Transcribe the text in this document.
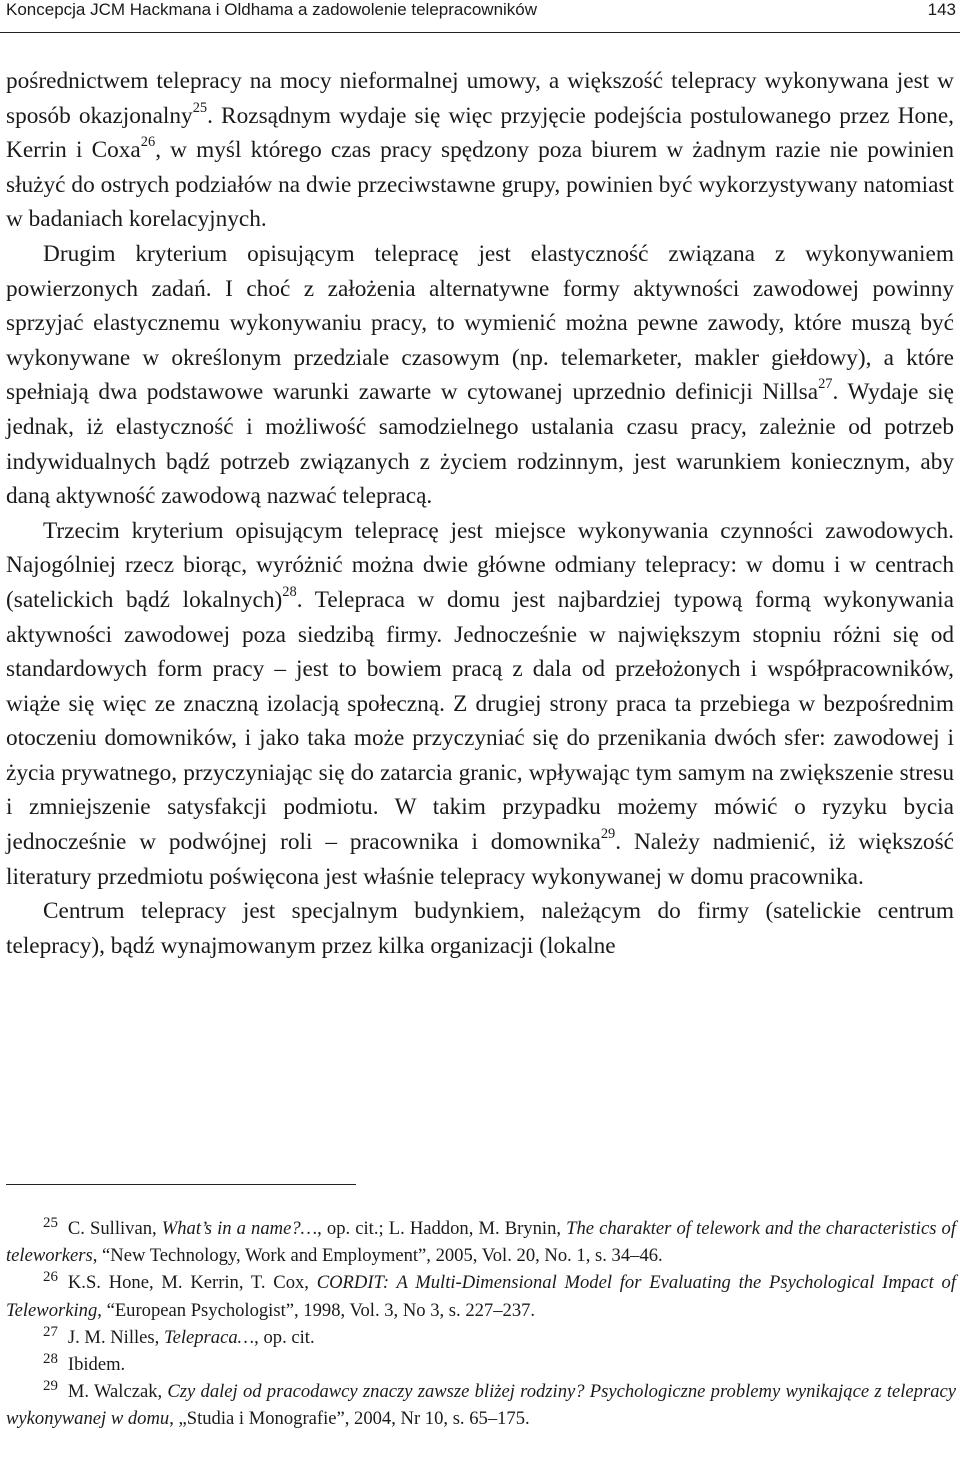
Koncepcja JCM Hackmana i Oldhama a zadowolenie telepracowników	143

pośrednictwem telepracy na mocy nieformalnej umowy, a większość telepracy wykonywana jest w sposób okazjonalny$^{25}$. Rozsądnym wydaje się więc przyjęcie podejścia postulowanego przez Hone, Kerrin i Coxa$^{26}$, w myśl którego czas pracy spędzony poza biurem w żadnym razie nie powinien służyć do ostrych podziałów na dwie przeciwstawne grupy, powinien być wykorzystywany natomiast w badaniach korelacyjnych.

Drugim kryterium opisującym telepracę jest elastyczność związana z wykonywaniem powierzonych zadań. I choć z założenia alternatywne formy aktywności zawodowej powinny sprzyjać elastycznemu wykonywaniu pracy, to wymienić można pewne zawody, które muszą być wykonywane w określonym przedziale czasowym (np. telemarketer, makler giełdowy), a które spełniają dwa podstawowe warunki zawarte w cytowanej uprzednio definicji Nillsa$^{27}$. Wydaje się jednak, iż elastyczność i możliwość samodzielnego ustalania czasu pracy, zależnie od potrzeb indywidualnych bądź potrzeb związanych z życiem rodzinnym, jest warunkiem koniecznym, aby daną aktywność zawodową nazwać telepracą.

Trzecim kryterium opisującym telepracę jest miejsce wykonywania czynności zawodowych. Najogólniej rzecz biorąc, wyróżnić można dwie główne odmiany telepracy: w domu i w centrach (satelickich bądź lokalnych)$^{28}$. Telepraca w domu jest najbardziej typową formą wykonywania aktywności zawodowej poza siedzibą firmy. Jednocześnie w największym stopniu różni się od standardowych form pracy – jest to bowiem pracą z dala od przełożonych i współpracowników, wiąże się więc ze znaczną izolacją społeczną. Z drugiej strony praca ta przebiega w bezpośrednim otoczeniu domowników, i jako taka może przyczyniać się do przenikania dwóch sfer: zawodowej i życia prywatnego, przyczyniając się do zatarcia granic, wpływając tym samym na zwiększenie stresu i zmniejszenie satysfakcji podmiotu. W takim przypadku możemy mówić o ryzyku bycia jednocześnie w podwójnej roli – pracownika i domownika$^{29}$. Należy nadmienić, iż większość literatury przedmiotu poświęcona jest właśnie telepracy wykonywanej w domu pracownika.

Centrum telepracy jest specjalnym budynkiem, należącym do firmy (satelickie centrum telepracy), bądź wynajmowanym przez kilka organizacji (lokalne

$^{25}$ C. Sullivan, What’s in a name?…, op. cit.; L. Haddon, M. Brynin, The charakter of telework and the characteristics of teleworkers, “New Technology, Work and Employment”, 2005, Vol. 20, No. 1, s. 34–46.

$^{26}$ K.S. Hone, M. Kerrin, T. Cox, CORDIT: A Multi-Dimensional Model for Evaluating the Psychological Impact of Teleworking, “European Psychologist”, 1998, Vol. 3, No 3, s. 227–237.

$^{27}$ J. M. Nilles, Telepraca…, op. cit.

$^{28}$ Ibidem.

$^{29}$ M. Walczak, Czy dalej od pracodawcy znaczy zawsze bliżej rodziny? Psychologiczne problemy wynikające z telepracy wykonywanej w domu, „Studia i Monografie”, 2004, Nr 10, s. 65–175.
